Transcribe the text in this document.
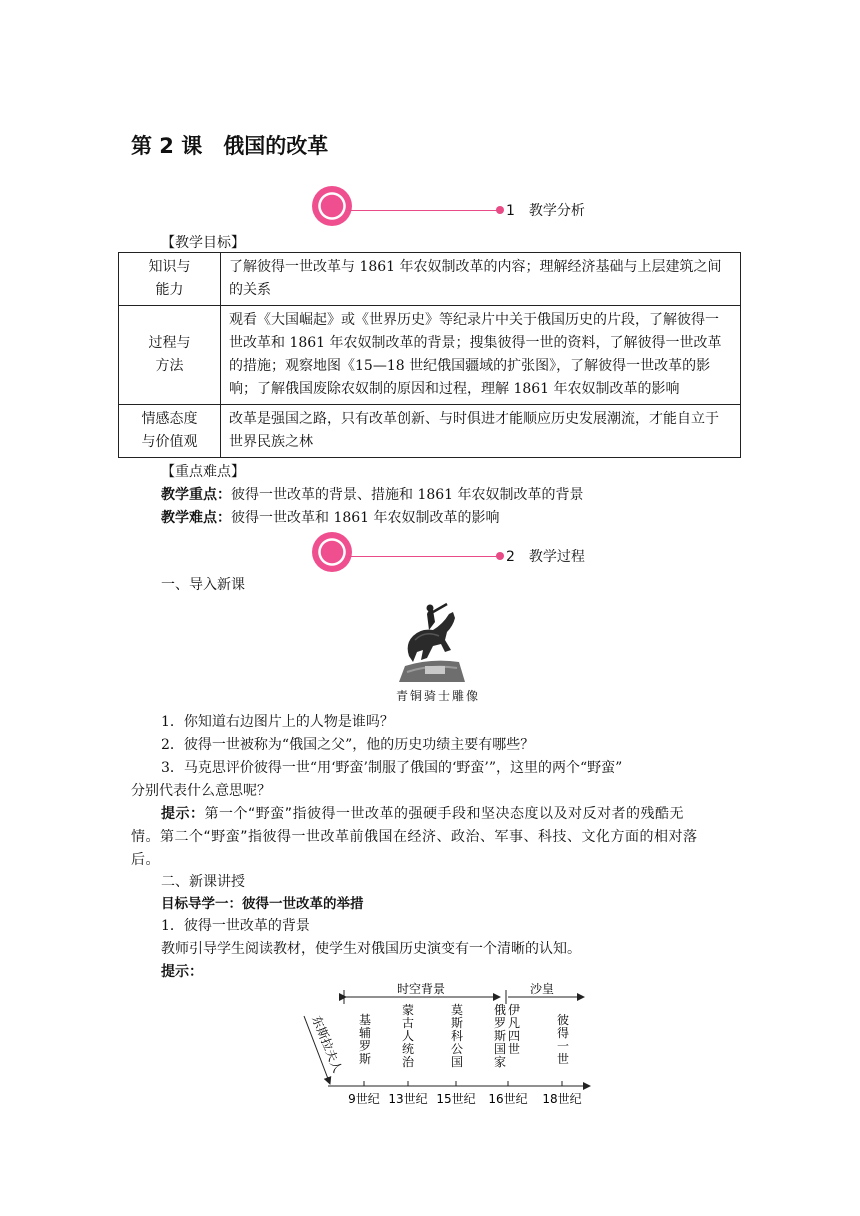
第 2 课　俄国的改革
1　教学分析
【教学目标】
知识与
能力	了解彼得一世改革与 1861 年农奴制改革的内容；理解经济基础与上层建筑之间的关系
过程与
方法	观看《大国崛起》或《世界历史》等纪录片中关于俄国历史的片段，了解彼得一世改革和 1861 年农奴制改革的背景；搜集彼得一世的资料，了解彼得一世改革的措施；观察地图《15—18 世纪俄国疆域的扩张图》，了解彼得一世改革的影响；了解俄国废除农奴制的原因和过程，理解 1861 年农奴制改革的影响
情感态度
与价值观	改革是强国之路，只有改革创新、与时俱进才能顺应历史发展潮流，才能自立于世界民族之林
【重点难点】
教学重点：彼得一世改革的背景、措施和 1861 年农奴制改革的背景
教学难点：彼得一世改革和 1861 年农奴制改革的影响
2　教学过程
一、导入新课
青铜骑士雕像
1．你知道右边图片上的人物是谁吗？
2．彼得一世被称为“俄国之父”，他的历史功绩主要有哪些？
3．马克思评价彼得一世“用‘野蛮’制服了俄国的‘野蛮’”，这里的两个“野蛮”
分别代表什么意思呢？
提示：第一个“野蛮”指彼得一世改革的强硬手段和坚决态度以及对反对者的残酷无
情。第二个“野蛮”指彼得一世改革前俄国在经济、政治、军事、科技、文化方面的相对落
后。
二、新课讲授
目标导学一：彼得一世改革的举措
1．彼得一世改革的背景
教师引导学生阅读教材，使学生对俄国历史演变有一个清晰的认知。
提示：
时空背景	沙皇
东斯拉夫人 基辅罗斯
蒙古人统治
莫斯科公国
俄罗斯国家
伊凡四世
彼得一世
9世纪 13世纪 15世纪 16世纪 18世纪
